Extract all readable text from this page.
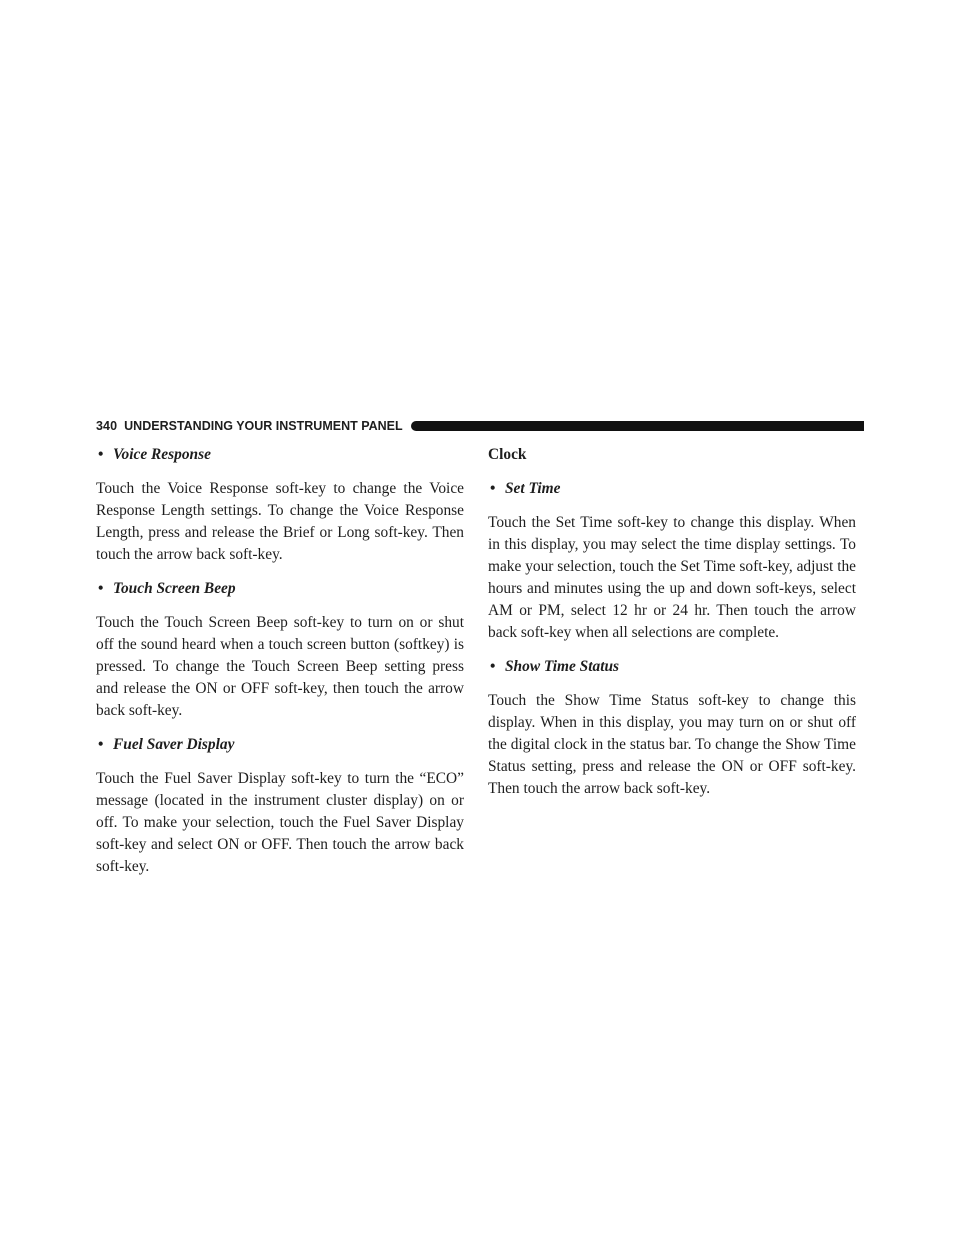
340 UNDERSTANDING YOUR INSTRUMENT PANEL

• Voice Response

Touch the Voice Response soft-key to change the Voice Response Length settings. To change the Voice Response Length, press and release the Brief or Long soft-key. Then touch the arrow back soft-key.

• Touch Screen Beep

Touch the Touch Screen Beep soft-key to turn on or shut off the sound heard when a touch screen button (softkey) is pressed. To change the Touch Screen Beep setting press and release the ON or OFF soft-key, then touch the arrow back soft-key.

• Fuel Saver Display

Touch the Fuel Saver Display soft-key to turn the “ECO” message (located in the instrument cluster display) on or off. To make your selection, touch the Fuel Saver Display soft-key and select ON or OFF. Then touch the arrow back soft-key.

Clock

• Set Time

Touch the Set Time soft-key to change this display. When in this display, you may select the time display settings. To make your selection, touch the Set Time soft-key, adjust the hours and minutes using the up and down soft-keys, select AM or PM, select 12 hr or 24 hr. Then touch the arrow back soft-key when all selections are complete.

• Show Time Status

Touch the Show Time Status soft-key to change this display. When in this display, you may turn on or shut off the digital clock in the status bar. To change the Show Time Status setting, press and release the ON or OFF soft-key. Then touch the arrow back soft-key.
